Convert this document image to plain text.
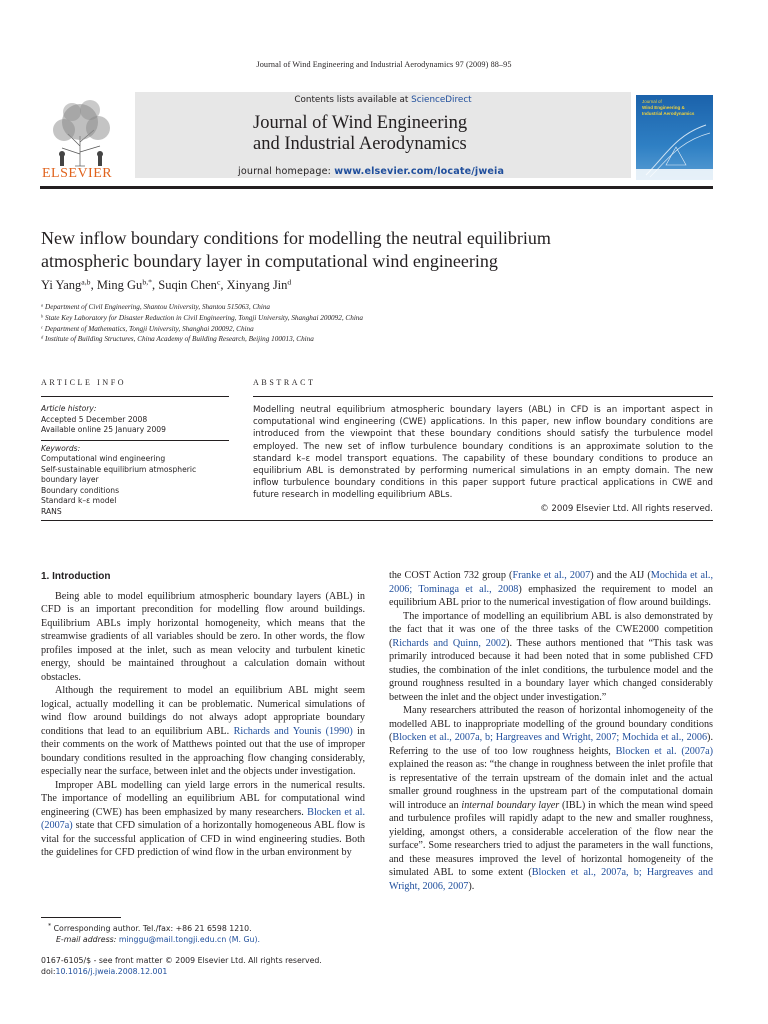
Journal of Wind Engineering and Industrial Aerodynamics 97 (2009) 88–95
ELSEVIER
Contents lists available at ScienceDirect
Journal of Wind Engineering
and Industrial Aerodynamics
journal homepage: www.elsevier.com/locate/jweia
Journal of
Wind Engineering &
Industrial Aerodynamics
New inflow boundary conditions for modelling the neutral equilibrium
atmospheric boundary layer in computational wind engineering
Yi Yang$^{a,b}$, Ming $Gu^{b,*}$, Suqin Chen$^c$, Xinyang Jin$^d$
$^a$ Department of Civil Engineering, Shantou University, Shantou 515063, China
$^b$ State Key Laboratory for Disaster Reduction in Civil Engineering, Tongji University, Shanghai 200092, China
$^c$ Department of Mathematics, Tongji University, Shanghai 200092, China
$^d$ Institute of Building Structures, China Academy of Building Research, Beijing 100013, China
ARTICLE INFO	ABSTRACT
Article history:
Accepted 5 December 2008
Available online 25 January 2009
Keywords:
Computational wind engineering
Self-sustainable equilibrium atmospheric
boundary layer
Boundary conditions
Standard k–ε model
RANS
Modelling neutral equilibrium atmospheric boundary layers (ABL) in CFD is an important aspect in computational wind engineering (CWE) applications. In this paper, new inflow boundary conditions are introduced from the viewpoint that these boundary conditions should satisfy the turbulence model employed. The new set of inflow turbulence boundary conditions is an approximate solution to the standard k–ε model transport equations. The capability of these boundary conditions to produce an equilibrium ABL is demonstrated by performing numerical simulations in an empty domain. The new inflow turbulence boundary conditions in this paper support future practical applications in CWE and future research in modelling equilibrium ABLs.
© 2009 Elsevier Ltd. All rights reserved.

1. Introduction

Being able to model equilibrium atmospheric boundary layers (ABL) in CFD is an important precondition for modelling flow around buildings. Equilibrium ABLs imply horizontal homogeneity, which means that the streamwise gradients of all variables should be zero. In other words, the flow profiles imposed at the inlet, such as mean velocity and turbulent kinetic energy, should be maintained throughout a calculation domain without obstacles.

Although the requirement to model an equilibrium ABL might seem logical, actually modelling it can be problematic. Numerical simulations of wind flow around buildings do not always adopt appropriate boundary conditions that lead to an equilibrium ABL. Richards and Younis (1990) in their comments on the work of Matthews pointed out that the use of improper boundary conditions resulted in the approaching flow changing considerably, especially near the surface, between inlet and the objects under investigation.

Improper ABL modelling can yield large errors in the numerical results. The importance of modelling an equilibrium ABL for computational wind engineering (CWE) has been emphasized by many researchers. Blocken et al. (2007a) state that CFD simulation of a horizontally homogeneous ABL flow is vital for the successful application of CFD in wind engineering studies. Both the guidelines for CFD prediction of wind flow in the urban environment by

the COST Action 732 group (Franke et al., 2007) and the AIJ (Mochida et al., 2006; Tominaga et al., 2008) emphasized the requirement to model an equilibrium ABL prior to the numerical investigation of flow around buildings.

The importance of modelling an equilibrium ABL is also demonstrated by the fact that it was one of the three tasks of the CWE2000 competition (Richards and Quinn, 2002). These authors mentioned that “This task was primarily introduced because it had been noted that in some published CFD studies, the combination of the inlet conditions, the turbulence model and the ground roughness resulted in a boundary layer which changed considerably between the inlet and the object under investigation.”

Many researchers attributed the reason of horizontal inhomogeneity of the modelled ABL to inappropriate modelling of the ground boundary conditions (Blocken et al., 2007a, b; Hargreaves and Wright, 2007; Mochida et al., 2006). Referring to the use of too low roughness heights, Blocken et al. (2007a) explained the reason as: “the change in roughness between the inlet profile that is representative of the terrain upstream of the domain inlet and the actual smaller ground roughness in the upstream part of the computational domain will introduce an internal boundary layer (IBL) in which the mean wind speed and turbulence profiles will rapidly adapt to the new and smaller roughness, yielding, amongst others, a considerable acceleration of the flow near the surface”. Some researchers tried to adjust the parameters in the wall functions, and these measures improved the level of horizontal homogeneity of the simulated ABL to some extent (Blocken et al., 2007a, b; Hargreaves and Wright, 2006, 2007).

* Corresponding author. Tel./fax: +86 21 6598 1210.
E-mail address: minggu@mail.tongji.edu.cn (M. Gu).
0167-6105/$ - see front matter © 2009 Elsevier Ltd. All rights reserved.
doi:10.1016/j.jweia.2008.12.001
